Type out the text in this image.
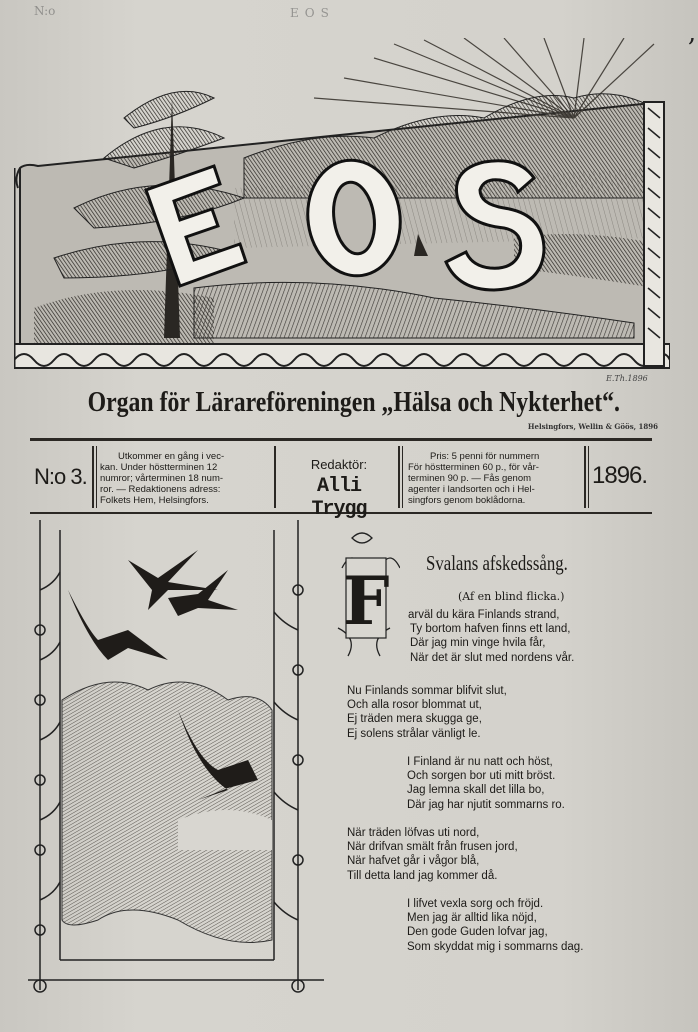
EOS
N:o
‚
E
E.Th.1896
Organ för Lärareföreningen „Hälsa och Nykterhet“.
Helsingfors, Wellin & Göös, 1896
N:o 3.
Utkommer en gång i vec-
kan. Under höstterminen 12
numror; vårterminen 18 num-
ror. — Redaktionens adress:
Folkets Hem, Helsingfors.
Redaktör:
Alli Trygg
Pris: 5 penni för nummern
För höstterminen 60 p., för vår-
terminen 90 p. — Fås genom
agenter i landsorten och i Hel-
singfors genom boklådorna.
1896.
F Svalans afskedssång.
(Af en blind flicka.)
arväl du kära Finlands strand,
Ty bortom hafven finns ett land,
Där jag min vinge hvila får,
När det är slut med nordens vår.
Nu Finlands sommar blifvit slut,
Och alla rosor blommat ut,
Ej träden mera skugga ge,
Ej solens strålar vänligt le.
I Finland är nu natt och höst,
Och sorgen bor uti mitt bröst.
Jag lemna skall det lilla bo,
Där jag har njutit sommarns ro.
När träden löfvas uti nord,
När drifvan smält från frusen jord,
När hafvet går i vågor blå,
Till detta land jag kommer då.
I lifvet vexla sorg och fröjd.
Men jag är alltid lika nöjd,
Den gode Guden lofvar jag,
Som skyddat mig i sommarns dag.
